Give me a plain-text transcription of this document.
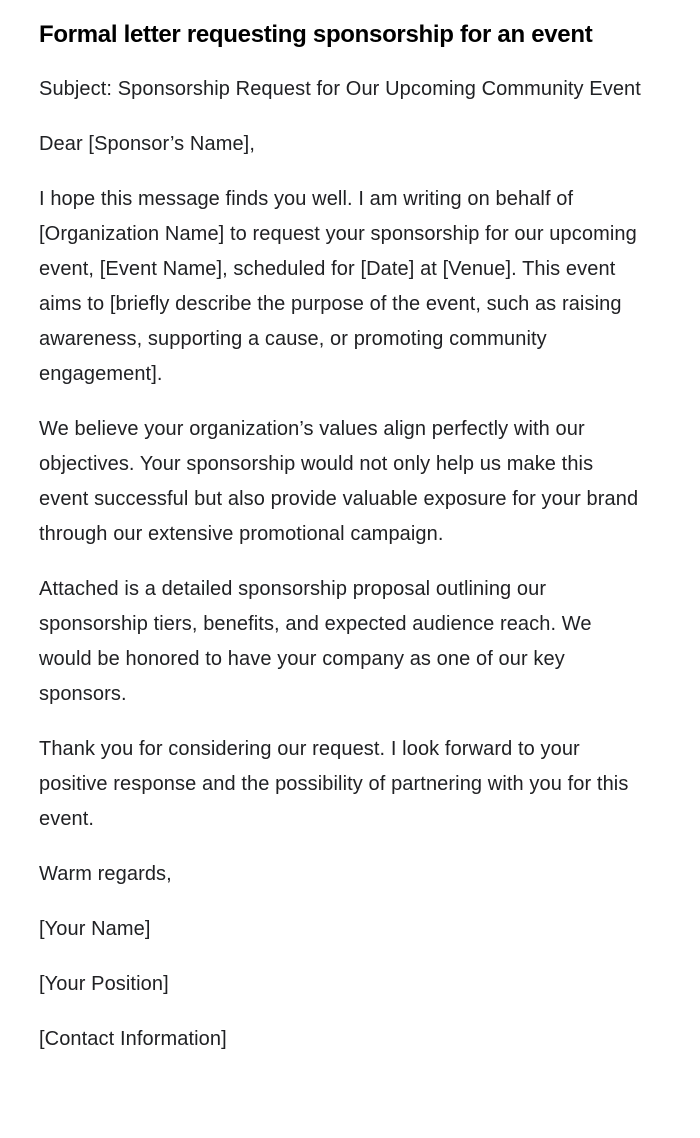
Formal letter requesting sponsorship for an event

Subject: Sponsorship Request for Our Upcoming Community Event

Dear [Sponsor’s Name],

I hope this message finds you well. I am writing on behalf of [Organization Name] to request your sponsorship for our upcoming event, [Event Name], scheduled for [Date] at [Venue]. This event aims to [briefly describe the purpose of the event, such as raising awareness, supporting a cause, or promoting community engagement].

We believe your organization’s values align perfectly with our objectives. Your sponsorship would not only help us make this event successful but also provide valuable exposure for your brand through our extensive promotional campaign.

Attached is a detailed sponsorship proposal outlining our sponsorship tiers, benefits, and expected audience reach. We would be honored to have your company as one of our key sponsors.

Thank you for considering our request. I look forward to your positive response and the possibility of partnering with you for this event.

Warm regards,

[Your Name]

[Your Position]

[Contact Information]
